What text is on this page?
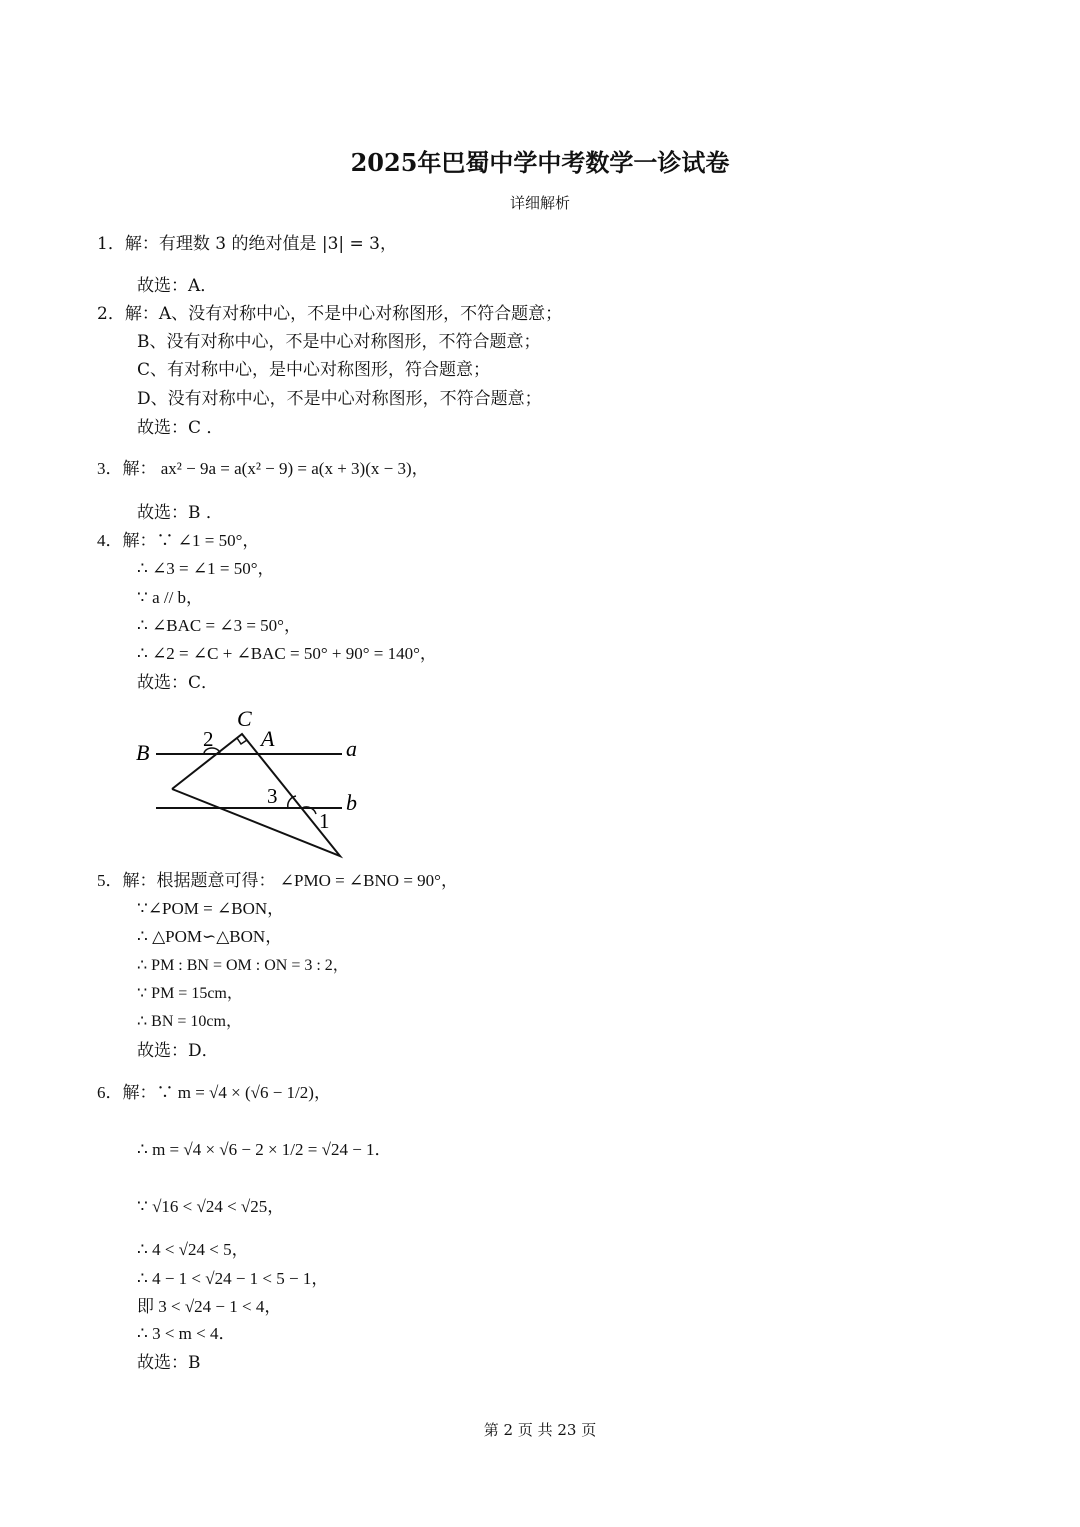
2025年巴蜀中学中考数学一诊试卷
详细解析
1．解：有理数 3 的绝对值是 |3| = 3，
故选：A．
2．解：A、没有对称中心，不是中心对称图形，不符合题意；
B、没有对称中心，不是中心对称图形，不符合题意；
C、有对称中心，是中心对称图形，符合题意；
D、没有对称中心，不是中心对称图形，不符合题意；
故选：C ．
3．解： ax² − 9a = a(x² − 9) = a(x + 3)(x − 3)，
故选：B ．
4．解：∵ ∠1 = 50°，
∴ ∠3 = ∠1 = 50°，
∵ a // b，
∴ ∠BAC = ∠3 = 50°，
∴ ∠2 = ∠C + ∠BAC = 50° + 90° = 140°，
故选：C．
B
C
A
2
3
1
a
b
5．解：根据题意可得： ∠PMO = ∠BNO = 90°，
∵∠POM = ∠BON，
∴ △POM∽△BON，
∴ PM : BN = OM : ON = 3 : 2，
∵ PM = 15cm，
∴ BN = 10cm，
故选：D．
6．解：∵ m = √4 × (√6 − 1/2)，
∴ m = √4 × √6 − 2 × 1/2 = √24 − 1．
∵ √16 < √24 < √25，
∴ 4 < √24 < 5，
∴ 4 − 1 < √24 − 1 < 5 − 1，
即 3 < √24 − 1 < 4，
∴ 3 < m < 4．
故选：B
第 2 页 共 23 页
